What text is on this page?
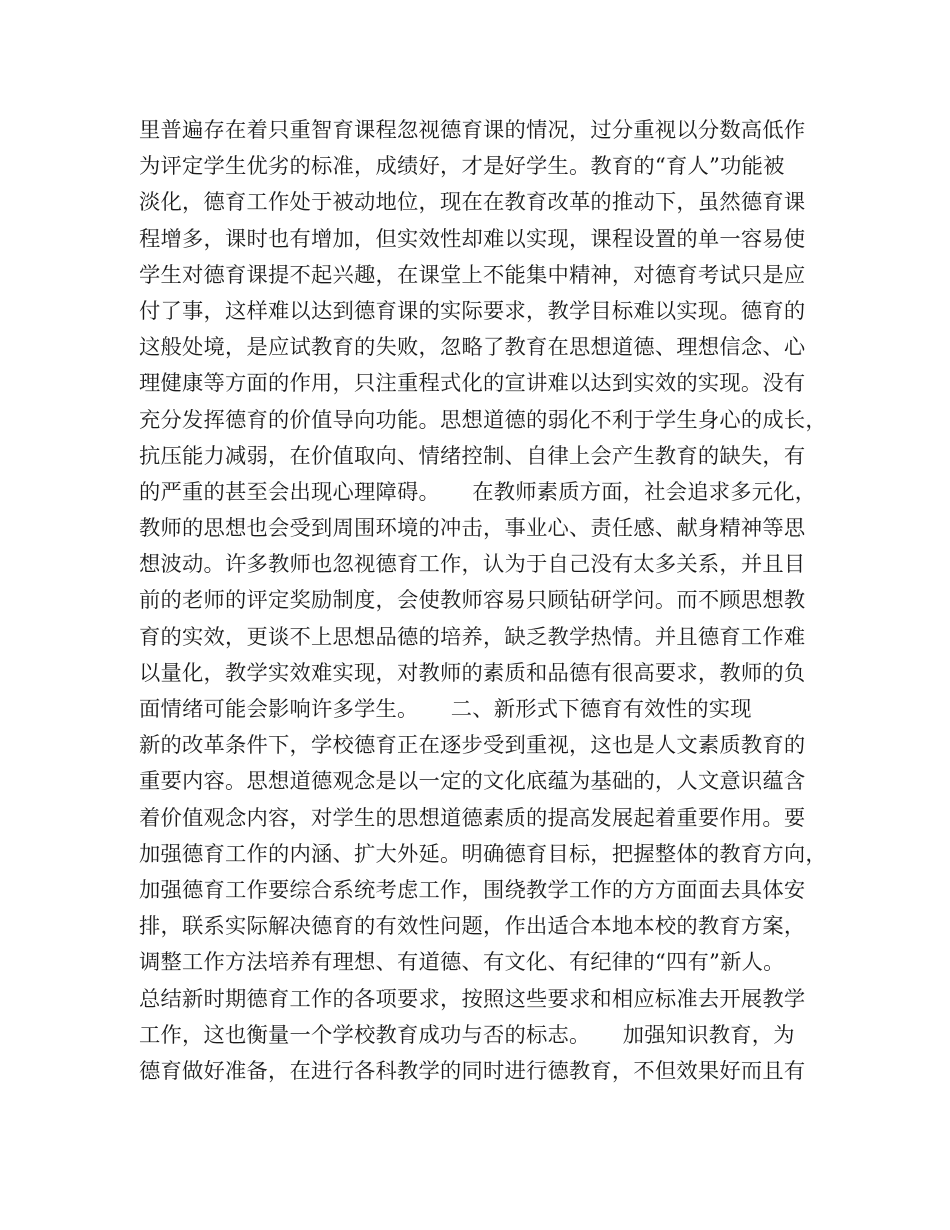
里普遍存在着只重智育课程忽视德育课的情况，过分重视以分数高低作
为评定学生优劣的标准，成绩好，才是好学生。教育的“育人”功能被
淡化，德育工作处于被动地位，现在在教育改革的推动下，虽然德育课
程增多，课时也有增加，但实效性却难以实现，课程设置的单一容易使
学生对德育课提不起兴趣，在课堂上不能集中精神，对德育考试只是应
付了事，这样难以达到德育课的实际要求，教学目标难以实现。德育的
这般处境，是应试教育的失败，忽略了教育在思想道德、理想信念、心
理健康等方面的作用，只注重程式化的宣讲难以达到实效的实现。没有
充分发挥德育的价值导向功能。思想道德的弱化不利于学生身心的成长，
抗压能力减弱，在价值取向、情绪控制、自律上会产生教育的缺失，有
的严重的甚至会出现心理障碍。　　在教师素质方面，社会追求多元化，
教师的思想也会受到周围环境的冲击，事业心、责任感、献身精神等思
想波动。许多教师也忽视德育工作，认为于自己没有太多关系，并且目
前的老师的评定奖励制度，会使教师容易只顾钻研学问。而不顾思想教
育的实效，更谈不上思想品德的培养，缺乏教学热情。并且德育工作难
以量化，教学实效难实现，对教师的素质和品德有很高要求，教师的负
面情绪可能会影响许多学生。　　二、新形式下德育有效性的实现
新的改革条件下，学校德育正在逐步受到重视，这也是人文素质教育的
重要内容。思想道德观念是以一定的文化底蕴为基础的，人文意识蕴含
着价值观念内容，对学生的思想道德素质的提高发展起着重要作用。要
加强德育工作的内涵、扩大外延。明确德育目标，把握整体的教育方向，
加强德育工作要综合系统考虑工作，围绕教学工作的方方面面去具体安
排，联系实际解决德育的有效性问题，作出适合本地本校的教育方案，
调整工作方法培养有理想、有道德、有文化、有纪律的“四有”新人。
总结新时期德育工作的各项要求，按照这些要求和相应标准去开展教学
工作，这也衡量一个学校教育成功与否的标志。　　加强知识教育，为
德育做好准备，在进行各科教学的同时进行德教育，不但效果好而且有
